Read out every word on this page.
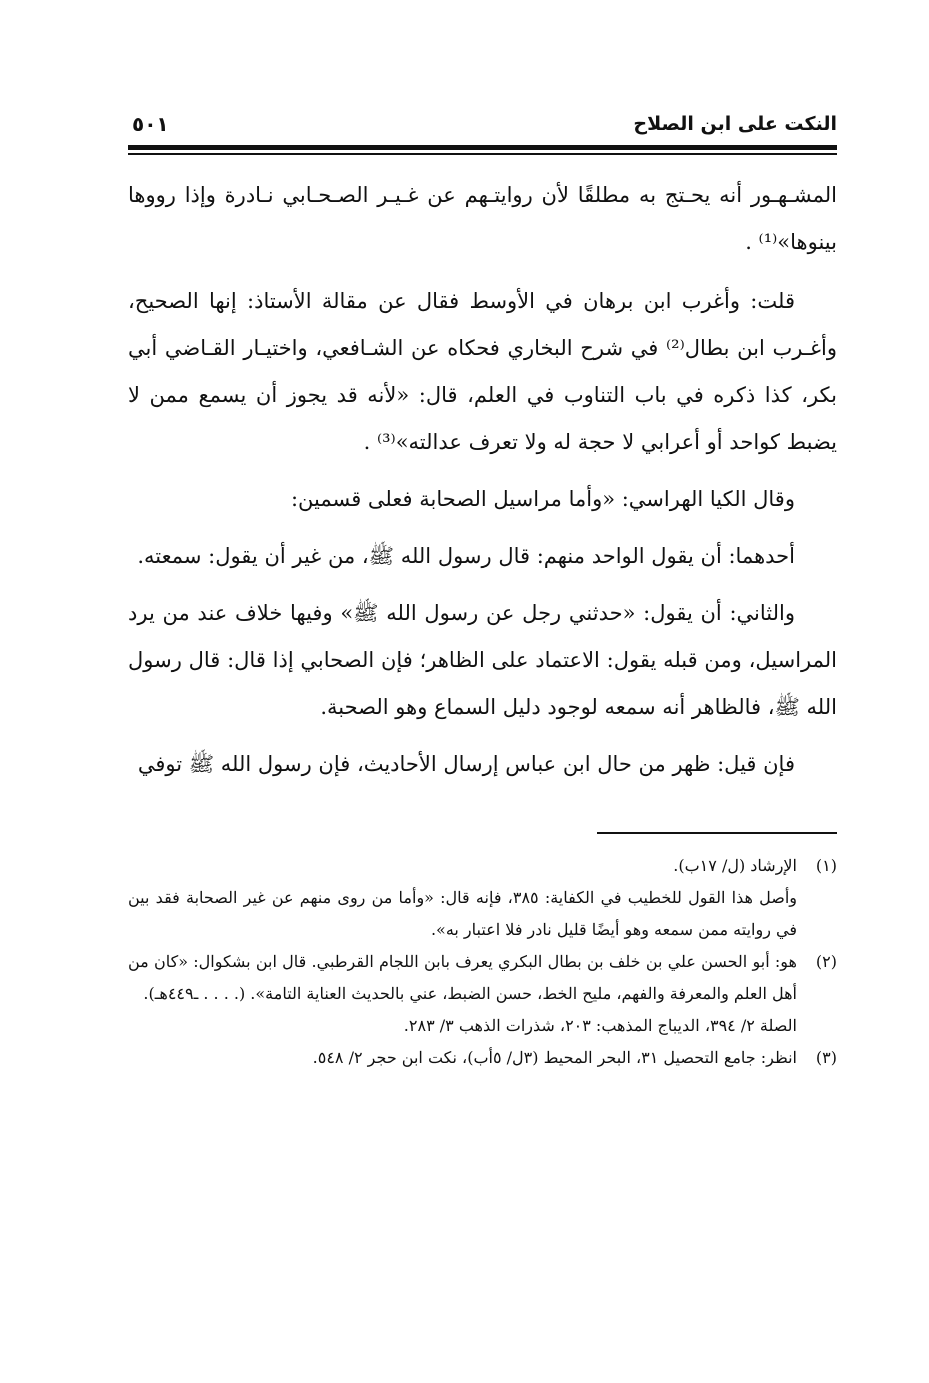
النكت على ابن الصلاح
٥٠١

المشـهـور أنه يحـتج به مطلقًا لأن روايتـهم عن غـيـر الصـحـابي نـادرة وإذا رووها بينوها»⁽¹⁾ .

قلت: وأغرب ابن برهان في الأوسط فقال عن مقالة الأستاذ: إنها الصحيح، وأغـرب ابن بطال⁽²⁾ في شرح البخاري فحكاه عن الشـافعي، واختيـار القـاضي أبي بكر، كذا ذكره في باب التناوب في العلم، قال: «لأنه قد يجوز أن يسمع ممن لا يضبط كواحد أو أعرابي لا حجة له ولا تعرف عدالته»⁽³⁾ .

وقال الكيا الهراسي: «وأما مراسيل الصحابة فعلى قسمين:

أحدهما: أن يقول الواحد منهم: قال رسول الله ﷺ، من غير أن يقول: سمعته.

والثاني: أن يقول: «حدثني رجل عن رسول الله ﷺ» وفيها خلاف عند من يرد المراسيل، ومن قبله يقول: الاعتماد على الظاهر؛ فإن الصحابي إذا قال: قال رسول الله ﷺ، فالظاهر أنه سمعه لوجود دليل السماع وهو الصحبة.

فإن قيل: ظهر من حال ابن عباس إرسال الأحاديث، فإن رسول الله ﷺ توفي

(١)
الإرشاد (ل/ ١٧ب).
وأصل هذا القول للخطيب في الكفاية: ٣٨٥، فإنه قال: «وأما من روى منهم عن غير الصحابة فقد بين في روايته ممن سمعه وهو أيضًا قليل نادر فلا اعتبار به».
(٢)
هو: أبو الحسن علي بن خلف بن بطال البكري يعرف بابن اللجام القرطبي. قال ابن بشكوال: «كان من أهل العلم والمعرفة والفهم، مليح الخط، حسن الضبط، عني بالحديث العناية التامة». (. . . . ـ٤٤٩هـ).
الصلة ٢/ ٣٩٤، الديباج المذهب: ٢٠٣، شذرات الذهب ٣/ ٢٨٣.
(٣)
انظر: جامع التحصيل ٣١، البحر المحيط (٣ل/ ٥أب)، نكت ابن حجر ٢/ ٥٤٨.
